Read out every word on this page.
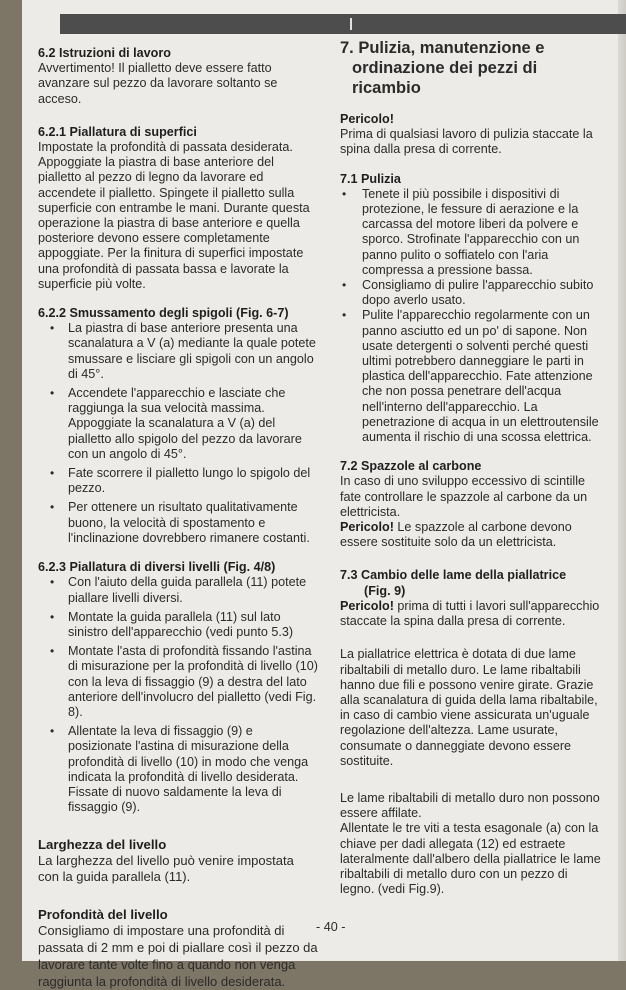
6.2 Istruzioni di lavoro

Avvertimento! Il pialletto deve essere fatto avanzare sul pezzo da lavorare soltanto se acceso.

6.2.1 Piallatura di superfici

Impostate la profondità di passata desiderata. Appoggiate la piastra di base anteriore del pialletto al pezzo di legno da lavorare ed accendete il pialletto. Spingete il pialletto sulla superficie con entrambe le mani. Durante questa operazione la piastra di base anteriore e quella posteriore devono essere completamente appoggiate. Per la finitura di superfici impostate una profondità di passata bassa e lavorate la superficie più volte.

6.2.2 Smussamento degli spigoli (Fig. 6-7)

• La piastra di base anteriore presenta una scanalatura a V (a) mediante la quale potete smussare e lisciare gli spigoli con un angolo di 45°.
• Accendete l'apparecchio e lasciate che raggiunga la sua velocità massima. Appoggiate la scanalatura a V (a) del pialletto allo spigolo del pezzo da lavorare con un angolo di 45°.
• Fate scorrere il pialletto lungo lo spigolo del pezzo.
• Per ottenere un risultato qualitativamente buono, la velocità di spostamento e l'inclinazione dovrebbero rimanere costanti.

6.2.3 Piallatura di diversi livelli (Fig. 4/8)

• Con l'aiuto della guida parallela (11) potete piallare livelli diversi.
• Montate la guida parallela (11) sul lato sinistro dell'apparecchio (vedi punto 5.3)
• Montate l'asta di profondità fissando l'astina di misurazione per la profondità di livello (10) con la leva di fissaggio (9) a destra del lato anteriore dell'involucro del pialletto (vedi Fig. 8).
• Allentate la leva di fissaggio (9) e posizionate l'astina di misurazione della profondità di livello (10) in modo che venga indicata la profondità di livello desiderata. Fissate di nuovo saldamente la leva di fissaggio (9).

Larghezza del livello

La larghezza del livello può venire impostata con la guida parallela (11).

Profondità del livello

Consigliamo di impostare una profondità di passata di 2 mm e poi di piallare così il pezzo da lavorare tante volte fino a quando non venga raggiunta la profondità di livello desiderata.

7. Pulizia, manutenzione e
ordinazione dei pezzi di ricambio

Pericolo!

Prima di qualsiasi lavoro di pulizia staccate la spina dalla presa di corrente.

7.1 Pulizia

• Tenete il più possibile i dispositivi di protezione, le fessure di aerazione e la carcassa del motore liberi da polvere e sporco. Strofinate l'apparecchio con un panno pulito o soffiatelo con l'aria compressa a pressione bassa.
• Consigliamo di pulire l'apparecchio subito dopo averlo usato.
• Pulite l'apparecchio regolarmente con un panno asciutto ed un po' di sapone. Non usate detergenti o solventi perché questi ultimi potrebbero danneggiare le parti in plastica dell'apparecchio. Fate attenzione che non possa penetrare dell'acqua nell'interno dell'apparecchio. La penetrazione di acqua in un elettroutensile aumenta il rischio di una scossa elettrica.

7.2 Spazzole al carbone

In caso di uno sviluppo eccessivo di scintille fate controllare le spazzole al carbone da un elettricista.

Pericolo! Le spazzole al carbone devono essere sostituite solo da un elettricista.

7.3 Cambio delle lame della piallatrice
(Fig. 9)

Pericolo! prima di tutti i lavori sull'apparecchio staccate la spina dalla presa di corrente.

La piallatrice elettrica è dotata di due lame ribaltabili di metallo duro. Le lame ribaltabili hanno due fili e possono venire girate. Grazie alla scanalatura di guida della lama ribaltabile, in caso di cambio viene assicurata un'uguale regolazione dell'altezza. Lame usurate, consumate o danneggiate devono essere sostituite.

Le lame ribaltabili di metallo duro non possono essere affilate.

Allentate le tre viti a testa esagonale (a) con la chiave per dadi allegata (12) ed estraete lateralmente dall'albero della piallatrice le lame ribaltabili di metallo duro con un pezzo di legno. (vedi Fig.9).

- 40 -
